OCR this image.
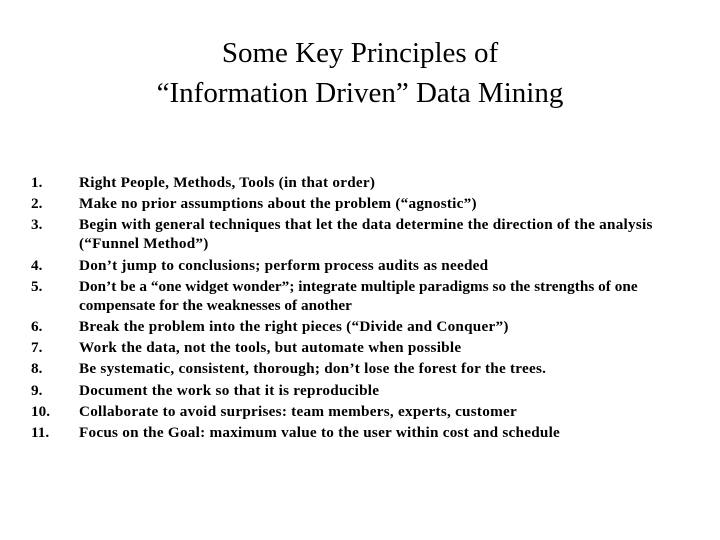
Some Key Principles of
“Information Driven” Data Mining
1.	Right People, Methods, Tools (in that order)
2.	Make no prior assumptions about the problem (“agnostic”)
3.	Begin with general techniques that let the data determine the direction of the analysis (“Funnel Method”)
4.	Don’t jump to conclusions; perform process audits as needed
5.	Don’t be a “one widget wonder”; integrate multiple paradigms so the strengths of one compensate for the weaknesses of another
6.	Break the problem into the right pieces (“Divide and Conquer”)
7.	Work the data, not the tools, but automate when possible
8.	Be systematic, consistent, thorough; don’t lose the forest for the trees.
9.	Document the work so that it is reproducible
10.	Collaborate to avoid surprises: team members, experts, customer
11.	Focus on the Goal: maximum value to the user within cost and schedule
